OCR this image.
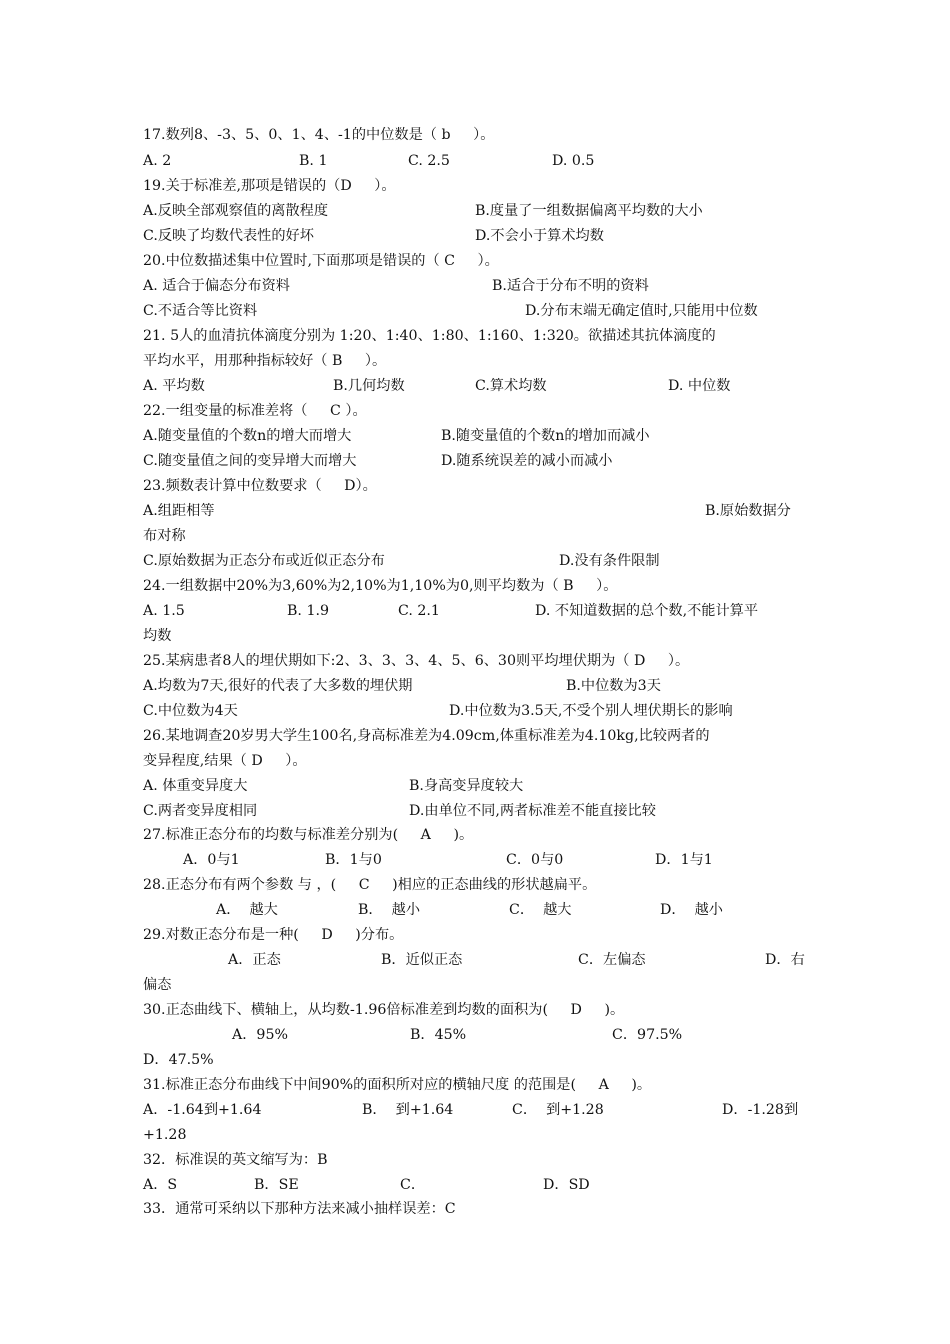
17.数列8、-3、5、0、1、4、-1的中位数是（ b     ）。
A. 2	B. 1	C. 2.5	D. 0.5
19.关于标准差,那项是错误的（D     ）。
A.反映全部观察值的离散程度	B.度量了一组数据偏离平均数的大小
C.反映了均数代表性的好坏	D.不会小于算术均数
20.中位数描述集中位置时,下面那项是错误的（ C     ）。
A. 适合于偏态分布资料	B.适合于分布不明的资料
C.不适合等比资料	D.分布末端无确定值时,只能用中位数
21. 5人的血清抗体滴度分别为 1:20、1:40、1:80、1:160、1:320。欲描述其抗体滴度的
平均水平，用那种指标较好（ B     ）。
A. 平均数	B.几何均数	C.算术均数	D. 中位数
22.一组变量的标准差将（     C ）。
A.随变量值的个数n的增大而增大	B.随变量值的个数n的增加而减小
C.随变量值之间的变异增大而增大	D.随系统误差的减小而减小
23.频数表计算中位数要求（     D）。
A.组距相等	B.原始数据分
布对称
C.原始数据为正态分布或近似正态分布	D.没有条件限制
24.一组数据中20%为3,60%为2,10%为1,10%为0,则平均数为（ B     ）。
A. 1.5	B. 1.9	C. 2.1	D. 不知道数据的总个数,不能计算平
均数
25.某病患者8人的埋伏期如下:2、3、3、3、4、5、6、30则平均埋伏期为（ D     ）。
A.均数为7天,很好的代表了大多数的埋伏期	B.中位数为3天
C.中位数为4天	D.中位数为3.5天,不受个别人埋伏期长的影响
26.某地调查20岁男大学生100名,身高标准差为4.09cm,体重标准差为4.10kg,比较两者的
变异程度,结果（ D     ）。
A. 体重变异度大	B.身高变异度较大
C.两者变异度相同	D.由单位不同,两者标准差不能直接比较
27.标准正态分布的均数与标准差分别为(     A     )。
A．0与1	B．1与0	C．0与0	D．1与1
28.正态分布有两个参数 与 ，(     C     )相应的正态曲线的形状越扁平。
A．  越大	B．  越小	C．  越大	D．  越小
29.对数正态分布是一种(     D     )分布。
A．正态	B．近似正态	C．左偏态	D．右
偏态
30.正态曲线下、横轴上，从均数-1.96倍标准差到均数的面积为(     D     )。
A．95%	B．45%	C．97.5%
D．47.5%
31.标准正态分布曲线下中间90%的面积所对应的横轴尺度 的范围是(     A     )。
A．-1.64到+1.64	B．  到+1.64	C．  到+1.28	D．-1.28到
+1.28
32．标准误的英文缩写为：B
A．S	B．SE	C．	D．SD
33．通常可采纳以下那种方法来减小抽样误差：C
